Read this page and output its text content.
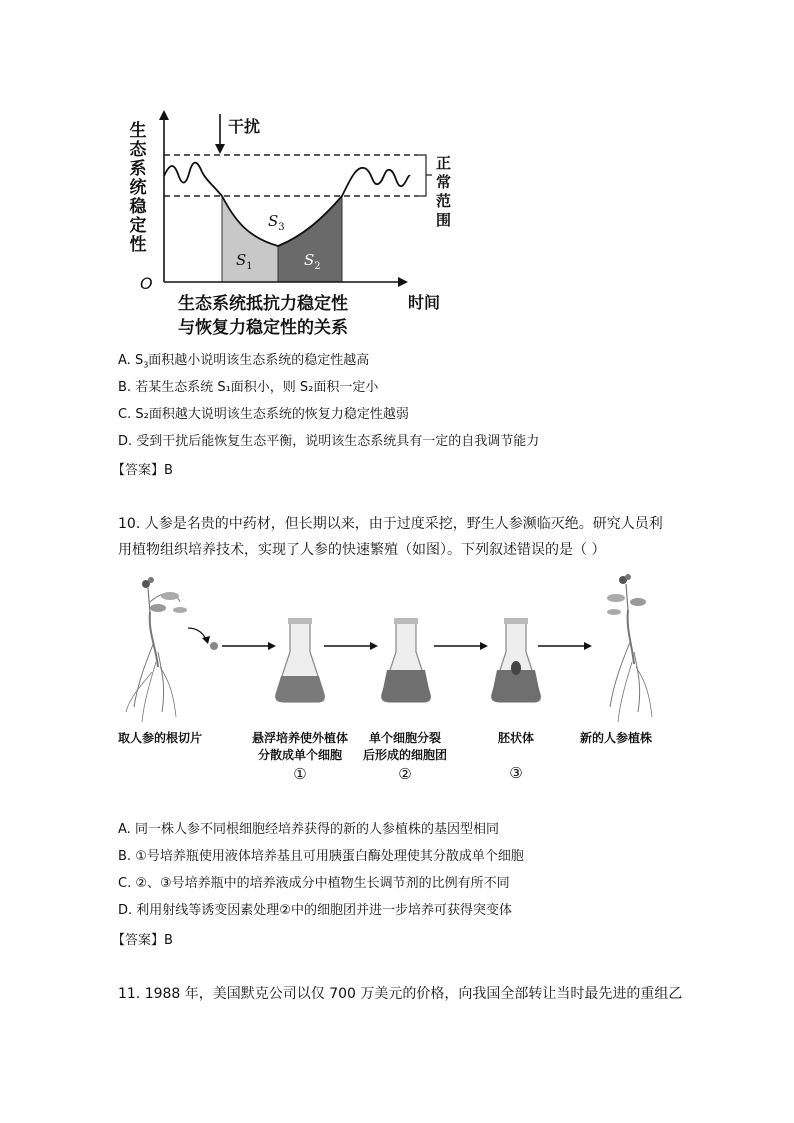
生态系统稳定性
O
干扰
正常
范围
$S_3$
$S_1$	$S_2$
生态系统抵抗力稳定性
与恢复力稳定性的关系
时间
A. $S_3$面积越小说明该生态系统的稳定性越高
B. 若某生态系统 S₁面积小，则 S₂面积一定小
C. S₂面积越大说明该生态系统的恢复力稳定性越弱
D. 受到干扰后能恢复生态平衡，说明该生态系统具有一定的自我调节能力
【答案】B
10. 人参是名贵的中药材，但长期以来，由于过度采挖，野生人参濒临灭绝。研究人员利
用植物组织培养技术，实现了人参的快速繁殖（如图）。下列叙述错误的是（ ）
取人参的根切片	悬浮培养使外植体
分散成单个细胞
①
单个细胞分裂
后形成的细胞团
②
胚状体
③
新的人参植株
A. 同一株人参不同根细胞经培养获得的新的人参植株的基因型相同
B. ①号培养瓶使用液体培养基且可用胰蛋白酶处理使其分散成单个细胞
C. ②、③号培养瓶中的培养液成分中植物生长调节剂的比例有所不同
D. 利用射线等诱变因素处理②中的细胞团并进一步培养可获得突变体
【答案】B
11. 1988 年，美国默克公司以仅 700 万美元的价格，向我国全部转让当时最先进的重组乙
